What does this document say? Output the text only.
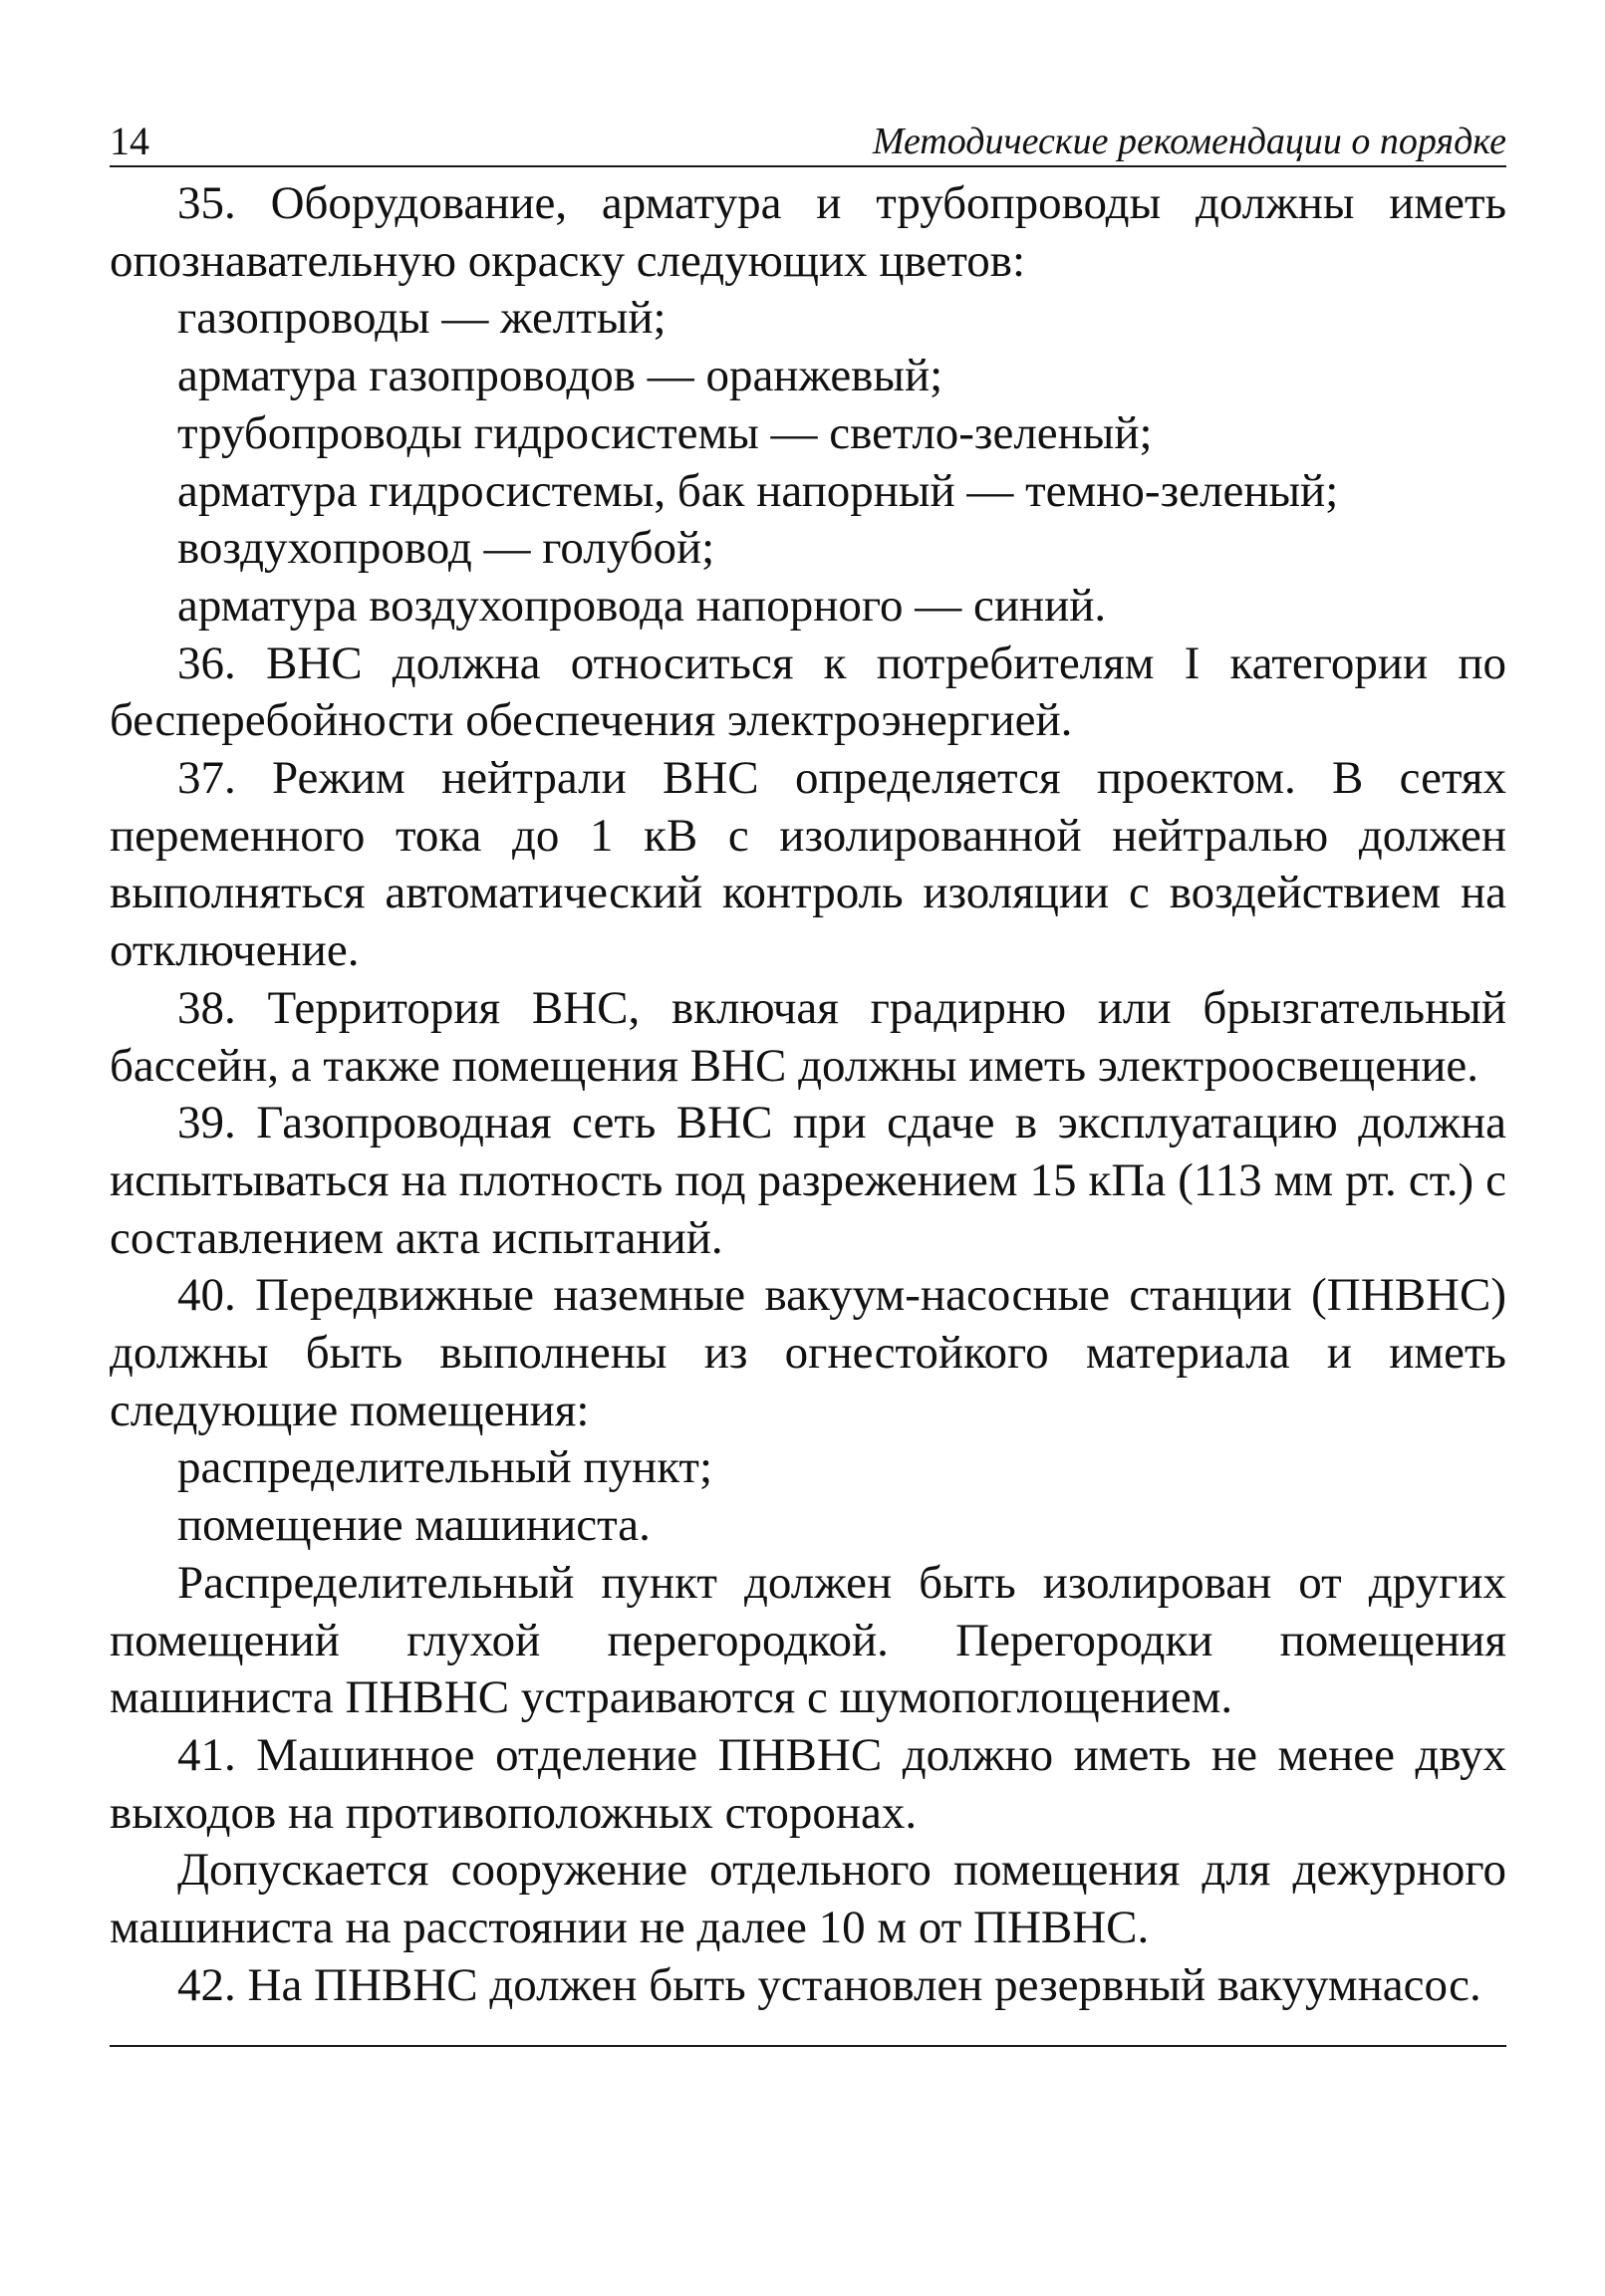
14	Методические рекомендации о порядке

35. Оборудование, арматура и трубопроводы должны иметь опознавательную окраску следующих цветов:

газопроводы — желтый;

арматура газопроводов — оранжевый;

трубопроводы гидросистемы — светло-зеленый;

арматура гидросистемы, бак напорный — темно-зеленый;

воздухопровод — голубой;

арматура воздухопровода напорного — синий.

36. ВНС должна относиться к потребителям I категории по бесперебойности обеспечения электроэнергией.

37. Режим нейтрали ВНС определяется проектом. В сетях переменного тока до 1 кВ с изолированной нейтралью должен выполняться автоматический контроль изоляции с воздействием на отключение.

38. Территория ВНС, включая градирню или брызгательный бассейн, а также помещения ВНС должны иметь электроосвещение.

39. Газопроводная сеть ВНС при сдаче в эксплуатацию должна испытываться на плотность под разрежением 15 кПа (113 мм рт. ст.) с составлением акта испытаний.

40. Передвижные наземные вакуум-насосные станции (ПНВНС) должны быть выполнены из огнестойкого материала и иметь следующие помещения:

распределительный пункт;

помещение машиниста.

Распределительный пункт должен быть изолирован от других помещений глухой перегородкой. Перегородки помещения машиниста ПНВНС устраиваются с шумопоглощением.

41. Машинное отделение ПНВНС должно иметь не менее двух выходов на противоположных сторонах.

Допускается сооружение отдельного помещения для дежурного машиниста на расстоянии не далее 10 м от ПНВНС.

42. На ПНВНС должен быть установлен резервный вакуумнасос.
